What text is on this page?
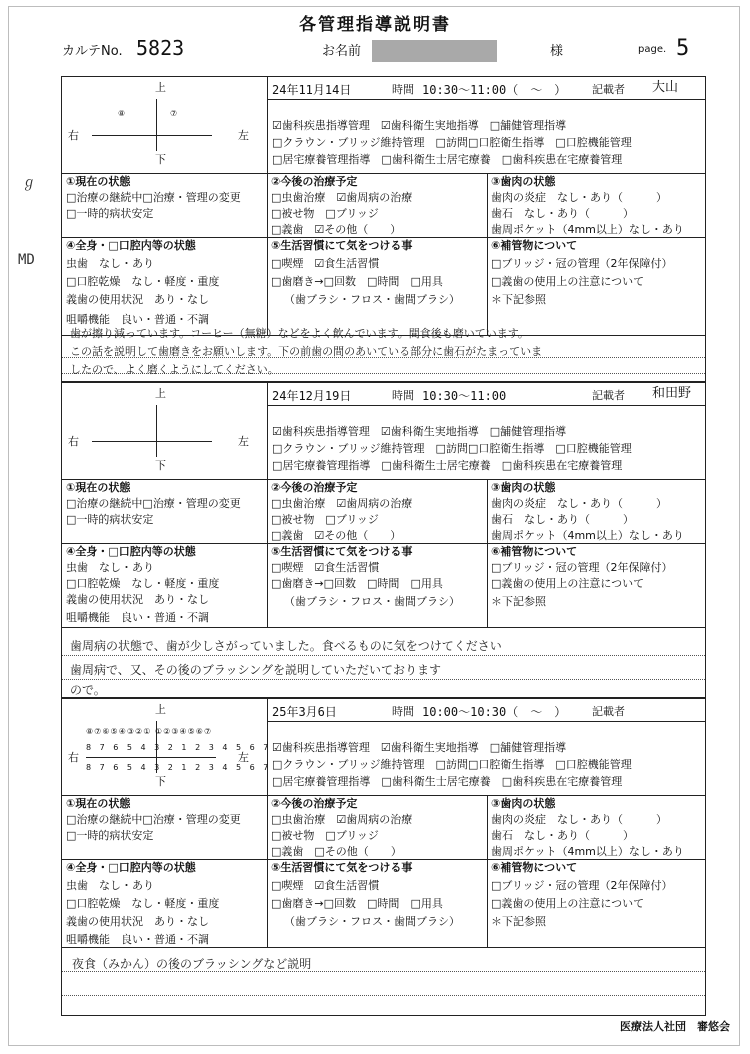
各管理指導説明書
カルテNo. 5823	お名前	様	page. 5
ℊ
MD
上
下
右	左
⑧	⑦
24年11月14日	時間 10:30〜11:00（　〜　） 記載者 大山
☑歯科疾患指導管理　☑歯科衛生実地指導　□舗健管理指導
□クラウン・ブリッジ維持管理　□訪問□口腔衛生指導　□口腔機能管理
□居宅療養管理指導　□歯科衛生士居宅療養　□歯科疾患在宅療養管理
①現在の状態
□治療の継続中□治療・管理の変更
□一時的病状安定
②今後の治療予定
□虫歯治療　☑歯周病の治療
□被せ物　□ブリッジ
□義歯　☑その他（　　 ）
③歯肉の状態
歯肉の炎症　なし・あり（　　　）
歯石　なし・あり（　　　）
歯周ポケット（4mm以上）なし・あり
④全身・□口腔内等の状態
虫歯　なし・あり
□口腔乾燥　なし・軽度・重度
義歯の使用状況　あり・なし
咀嚼機能　良い・普通・不調
⑤生活習慣にて気をつける事
□喫煙　☑食生活習慣
□歯磨き→□回数　 □時間　 □用具
（歯ブラシ・フロス・歯間ブラシ）
⑥補管物について
□ブリッジ・冠の管理（2年保障付）
□義歯の使用上の注意について
＊下記参照
歯が擦り減っています。コーヒー（無糖）などをよく飲んでいます。間食後も磨いています。
この話を説明して歯磨きをお願いします。下の前歯の間のあいている部分に歯石がたまっていま
したので、よく磨くようにしてください。
上
下
右	左
24年12月19日	時間 10:30〜11:00	記載者 和田野
☑歯科疾患指導管理　☑歯科衛生実地指導　□舗健管理指導
□クラウン・ブリッジ維持管理　□訪問□口腔衛生指導　□口腔機能管理
□居宅療養管理指導　□歯科衛生士居宅療養　□歯科疾患在宅療養管理
①現在の状態
□治療の継続中□治療・管理の変更
□一時的病状安定
②今後の治療予定
□虫歯治療　☑歯周病の治療
□被せ物　□ブリッジ
□義歯　☑その他（　　 ）
③歯肉の状態
歯肉の炎症　なし・あり（　　　）
歯石　なし・あり（　　　）
歯周ポケット（4mm以上）なし・あり
④全身・□口腔内等の状態
虫歯　なし・あり
□口腔乾燥　なし・軽度・重度
義歯の使用状況　あり・なし
咀嚼機能　良い・普通・不調
⑤生活習慣にて気をつける事
□喫煙　☑食生活習慣
□歯磨き→□回数　 □時間　 □用具
（歯ブラシ・フロス・歯間ブラシ）
⑥補管物について
□ブリッジ・冠の管理（2年保障付）
□義歯の使用上の注意について
＊下記参照
歯周病の状態で、歯が少しさがっていました。食べるものに気をつけてください
歯周病で、又、その後のブラッシングを説明していただいております
ので。
上
下
右	左
⑧⑦⑥⑤④③②① ①②③④⑤⑥⑦
8 7 6 5 4 3 2 1 2 3 4 5 6 7
8 7 6 5 4 3 2 1 2 3 4 5 6 7
25年3月6日	時間 10:00〜10:30（　〜　） 記載者
☑歯科疾患指導管理　☑歯科衛生実地指導　□舗健管理指導
□クラウン・ブリッジ維持管理　□訪問□口腔衛生指導　□口腔機能管理
□居宅療養管理指導　□歯科衛生士居宅療養　□歯科疾患在宅療養管理
①現在の状態
□治療の継続中□治療・管理の変更
□一時的病状安定
②今後の治療予定
□虫歯治療　☑歯周病の治療
□被せ物　□ブリッジ
□義歯　□その他（　　 ）
③歯肉の状態
歯肉の炎症　なし・あり（　　　）
歯石　なし・あり（　　　）
歯周ポケット（4mm以上）なし・あり
④全身・□口腔内等の状態
虫歯　なし・あり
□口腔乾燥　なし・軽度・重度
義歯の使用状況　あり・なし
咀嚼機能　良い・普通・不調
⑤生活習慣にて気をつける事
□喫煙　☑食生活習慣
□歯磨き→□回数　 □時間　 □用具
（歯ブラシ・フロス・歯間ブラシ）
⑥補管物について
□ブリッジ・冠の管理（2年保障付）
□義歯の使用上の注意について
＊下記参照
夜食（みかん）の後のブラッシングなど説明
医療法人社団　審悠会
